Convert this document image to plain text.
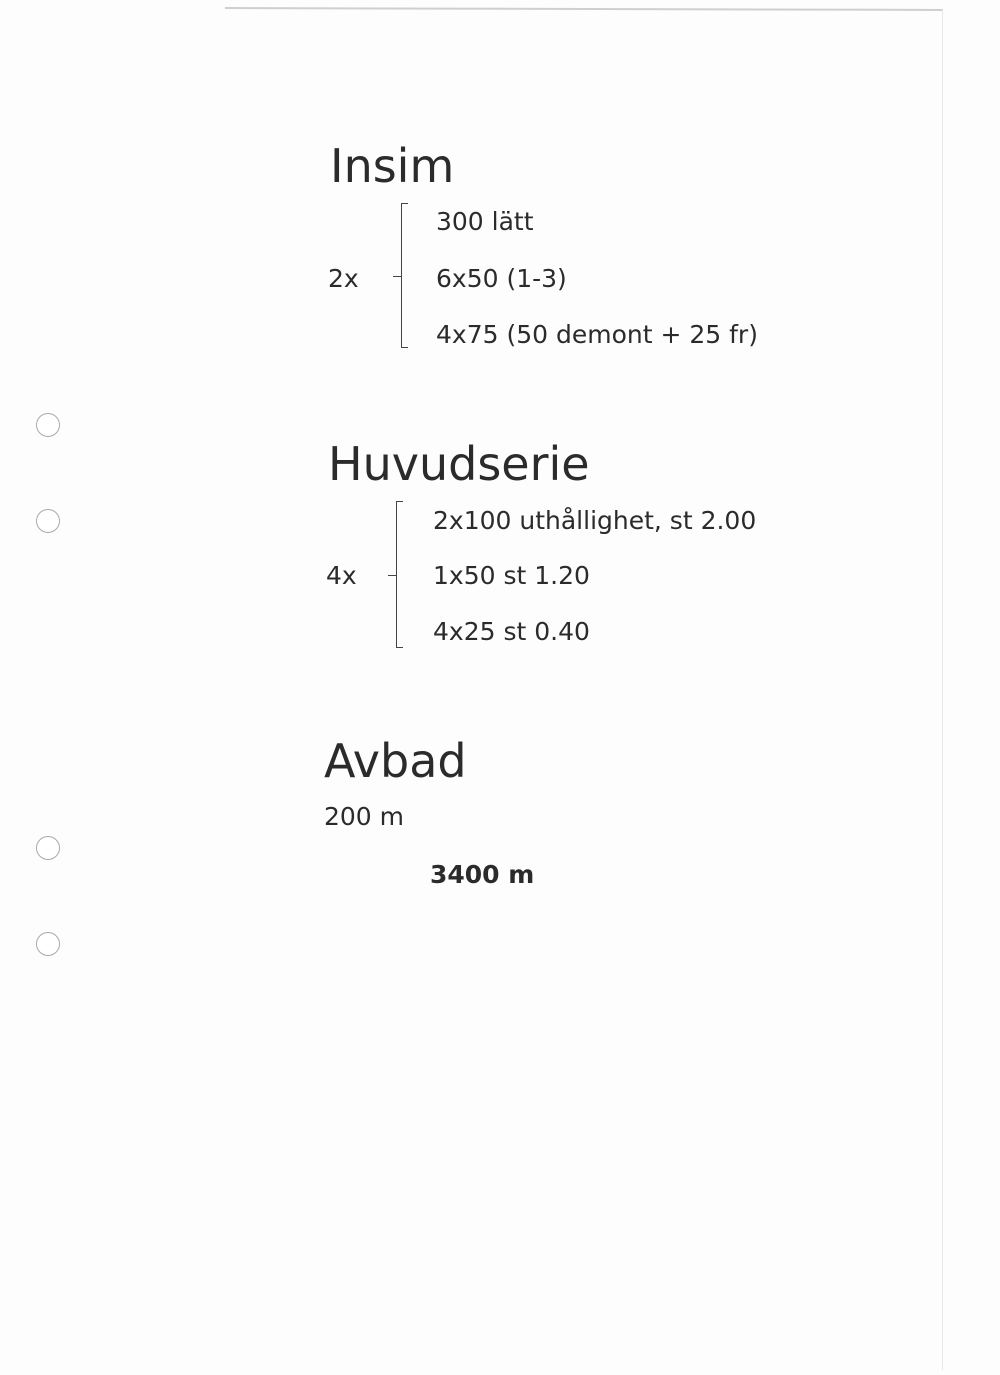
Insim
2x
300 lätt
6x50 (1-3)
4x75 (50 demont + 25 fr)
Huvudserie
4x
2x100 uthållighet, st 2.00
1x50 st 1.20
4x25 st 0.40
Avbad
200 m
3400 m
